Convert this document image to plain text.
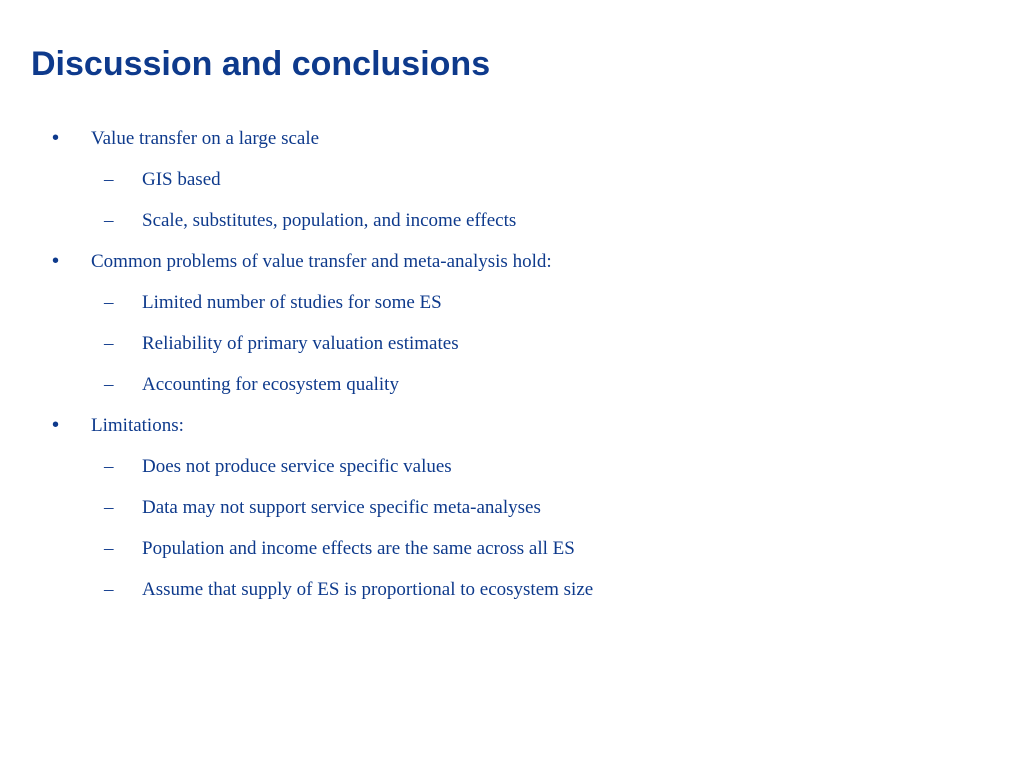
Discussion and conclusions
• Value transfer on a large scale
– GIS based
– Scale, substitutes, population, and income effects
• Common problems of value transfer and meta-analysis hold:
– Limited number of studies for some ES
– Reliability of primary valuation estimates
– Accounting for ecosystem quality
• Limitations:
– Does not produce service specific values
– Data may not support service specific meta-analyses
– Population and income effects are the same across all ES
– Assume that supply of ES is proportional to ecosystem size
